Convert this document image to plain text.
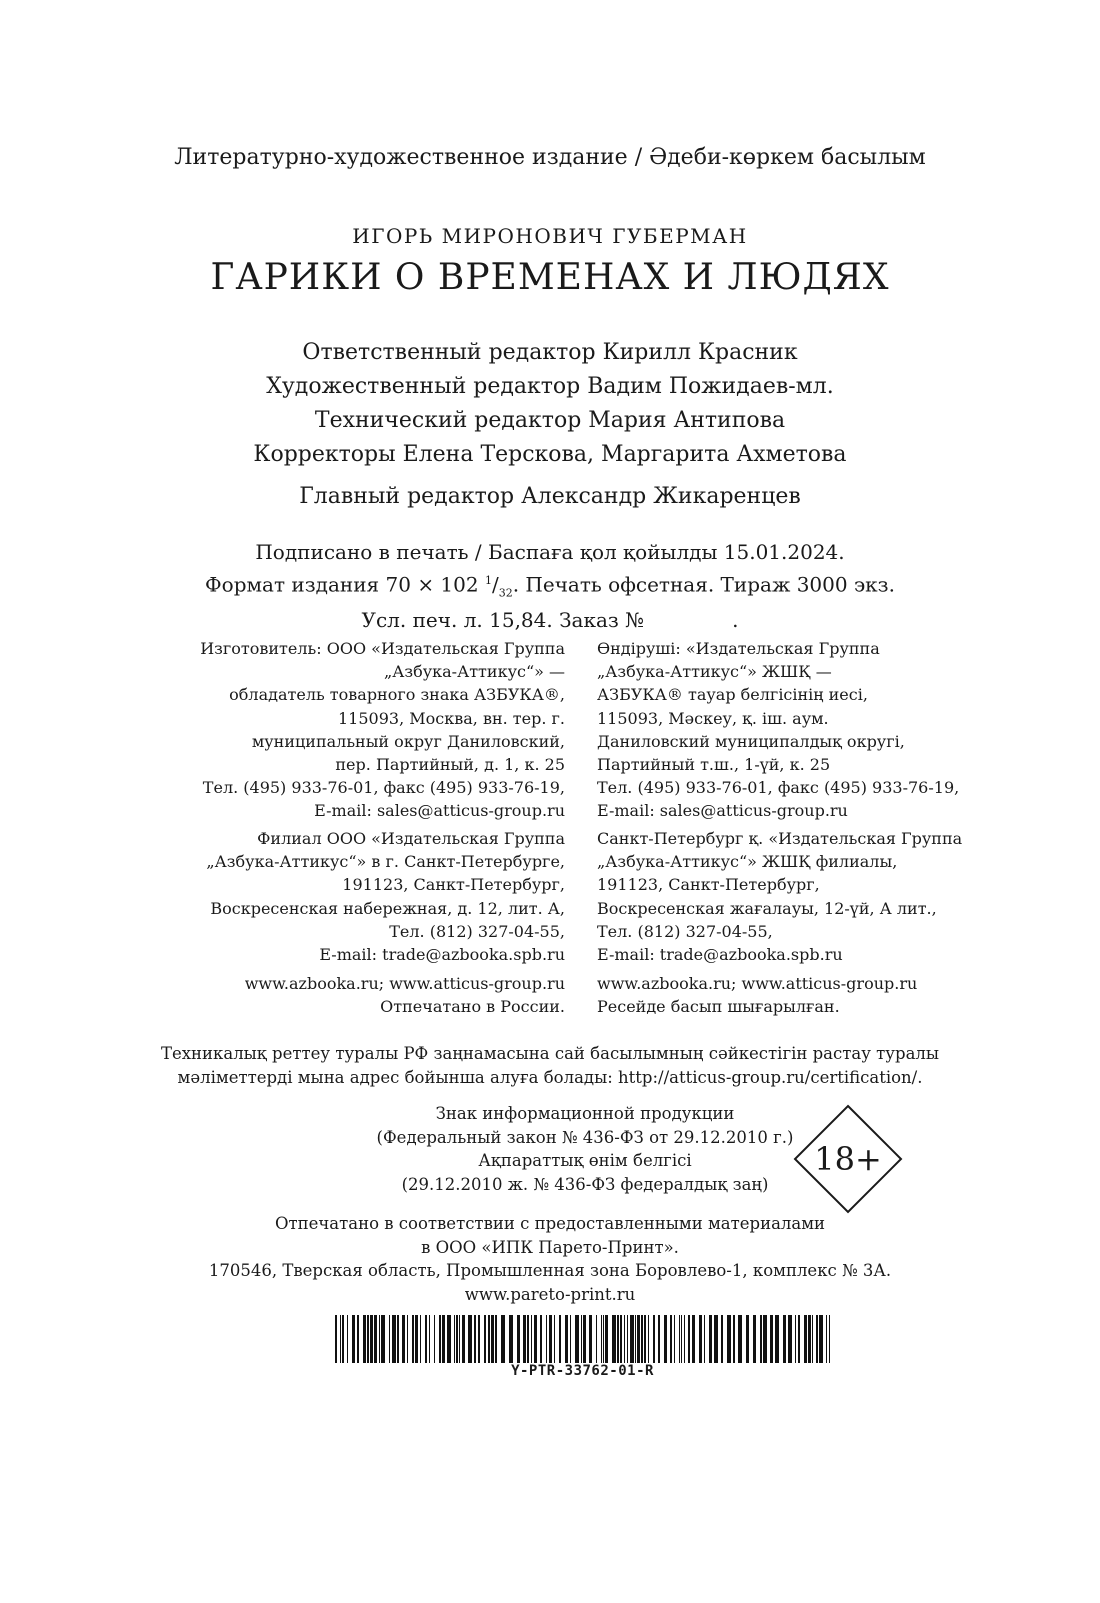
Литературно-художественное издание / Әдеби-көркем басылым
ИГОРЬ МИРОНОВИЧ ГУБЕРМАН
ГАРИКИ О ВРЕМЕНАХ И ЛЮДЯХ
Ответственный редактор Кирилл Красник
Художественный редактор Вадим Пожидаев-мл.
Технический редактор Мария Антипова
Корректоры Елена Терскова, Маргарита Ахметова
Главный редактор Александр Жикаренцев
Подписано в печать / Баспаға қол қойылды 15.01.2024.
Формат издания 70 × 102 $^1/_{32}$. Печать офсетная. Тираж 3000 экз.
Усл. печ. л. 15,84. Заказ №	.
Изготовитель: ООО «Издательская Группа
„Азбука-Аттикус“» —
обладатель товарного знака АЗБУКА®,
115093, Москва, вн. тер. г.
муниципальный округ Даниловский,
пер. Партийный, д. 1, к. 25
Тел. (495) 933-76-01, факс (495) 933-76-19,
E-mail: sales@atticus-group.ru
Филиал ООО «Издательская Группа
„Азбука-Аттикус“» в г. Санкт-Петербурге,
191123, Санкт-Петербург,
Воскресенская набережная, д. 12, лит. А,
Тел. (812) 327-04-55,
E-mail: trade@azbooka.spb.ru
www.azbooka.ru; www.atticus-group.ru
Отпечатано в России.
Өндіруші: «Издательская Группа
„Азбука-Аттикус“» ЖШҚ —
АЗБУКА® тауар белгісінің иесі,
115093, Мәскеу, қ. іш. аум.
Даниловский муниципалдық округі,
Партийный т.ш., 1-үй, к. 25
Тел. (495) 933-76-01, факс (495) 933-76-19,
E-mail: sales@atticus-group.ru
Санкт-Петербург қ. «Издательская Группа
„Азбука-Аттикус“» ЖШҚ филиалы,
191123, Санкт-Петербург,
Воскресенская жағалауы, 12-үй, А лит.,
Тел. (812) 327-04-55,
E-mail: trade@azbooka.spb.ru
www.azbooka.ru; www.atticus-group.ru
Ресейде басып шығарылған.
Техникалық реттеу туралы РФ заңнамасына сай басылымның сәйкестігін растау туралы
мәліметтерді мына адрес бойынша алуға болады: http://atticus-group.ru/certification/.
Знак информационной продукции
(Федеральный закон № 436-ФЗ от 29.12.2010 г.)
Ақпараттық өнім белгісі
(29.12.2010 ж. № 436-ФЗ федералдық заң)
18+
Отпечатано в соответствии с предоставленными материалами
в ООО «ИПК Парето-Принт».
170546, Тверская область, Промышленная зона Боровлево-1, комплекс № 3А.
www.pareto-print.ru
Y-PTR-33762-01-R
